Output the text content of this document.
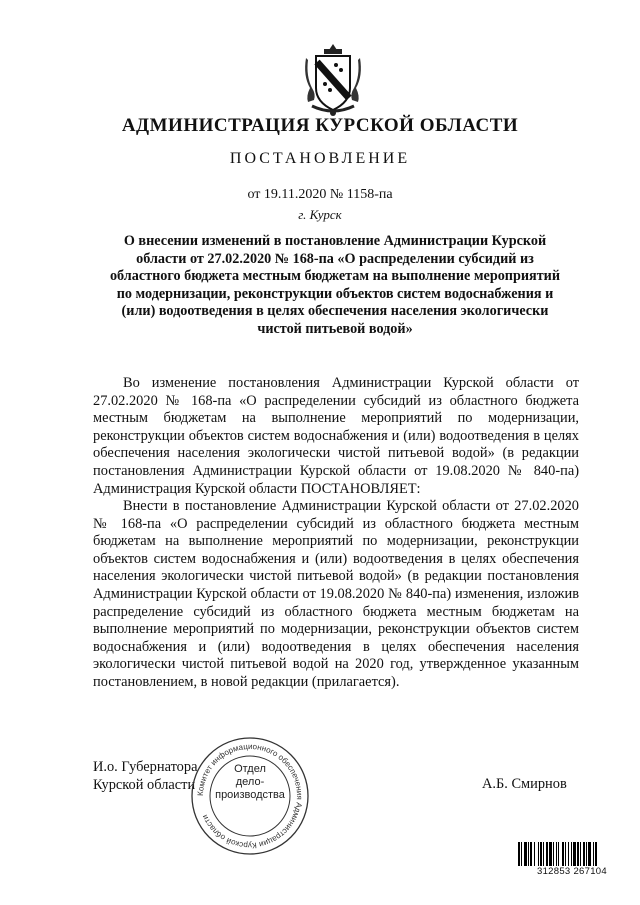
АДМИНИСТРАЦИЯ КУРСКОЙ ОБЛАСТИ
ПОСТАНОВЛЕНИЕ
от 19.11.2020 № 1158-па
г. Курск
О внесении изменений в постановление Администрации Курской области от 27.02.2020 № 168-па «О распределении субсидий из областного бюджета местным бюджетам на выполнение мероприятий по модернизации, реконструкции объектов систем водоснабжения и (или) водоотведения в целях обеспечения населения экологически чистой питьевой водой»
Во изменение постановления Администрации Курской области от 27.02.2020 № 168-па «О распределении субсидий из областного бюджета местным бюджетам на выполнение мероприятий по модернизации, реконструкции объектов систем водоснабжения и (или) водоотведения в целях обеспечения населения экологически чистой питьевой водой» (в редакции постановления Администрации Курской области от 19.08.2020 № 840-па) Администрация Курской области ПОСТАНОВЛЯЕТ:
Внести в постановление Администрации Курской области от 27.02.2020 № 168-па «О распределении субсидий из областного бюджета местным бюджетам на выполнение мероприятий по модернизации, реконструкции объектов систем водоснабжения и (или) водоотведения в целях обеспечения населения экологически чистой питьевой водой» (в редакции постановления Администрации Курской области от 19.08.2020 № 840-па) изменения, изложив распределение субсидий из областного бюджета местным бюджетам на выполнение мероприятий по модернизации, реконструкции объектов систем водоснабжения и (или) водоотведения в целях обеспечения населения экологически чистой питьевой водой на 2020 год, утвержденное указанным постановлением, в новой редакции (прилагается).
И.о. Губернатора
Курской области	А.Б. Смирнов
Комитет информационного обеспечения Администрации Курской области
Отдел
дело-
производства
312853 267104
